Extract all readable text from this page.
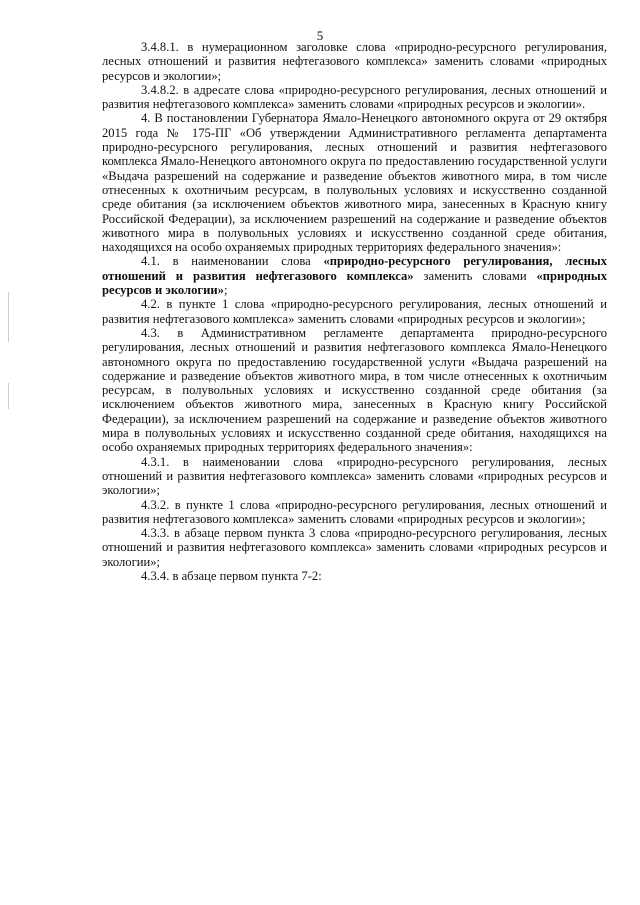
5

3.4.8.1. в нумерационном заголовке слова «природно-ресурсного регулирования, лесных отношений и развития нефтегазового комплекса» заменить словами «природных ресурсов и экологии»;

3.4.8.2. в адресате слова «природно-ресурсного регулирования, лесных отношений и развития нефтегазового комплекса» заменить словами «природных ресурсов и экологии».

4. В постановлении Губернатора Ямало-Ненецкого автономного округа от 29 октября 2015 года № 175-ПГ «Об утверждении Административного регламента департамента природно-ресурсного регулирования, лесных отношений и развития нефтегазового комплекса Ямало-Ненецкого автономного округа по предоставлению государственной услуги «Выдача разрешений на содержание и разведение объектов животного мира, в том числе отнесенных к охотничьим ресурсам, в полувольных условиях и искусственно созданной среде обитания (за исключением объектов животного мира, занесенных в Красную книгу Российской Федерации), за исключением разрешений на содержание и разведение объектов животного мира в полувольных условиях и искусственно созданной среде обитания, находящихся на особо охраняемых природных территориях федерального значения»:

4.1. в наименовании слова «природно-ресурсного регулирования, лесных отношений и развития нефтегазового комплекса» заменить словами «природных ресурсов и экологии»;

4.2. в пункте 1 слова «природно-ресурсного регулирования, лесных отношений и развития нефтегазового комплекса» заменить словами «природных ресурсов и экологии»;

4.3. в Административном регламенте департамента природно-ресурсного регулирования, лесных отношений и развития нефтегазового комплекса Ямало-Ненецкого автономного округа по предоставлению государственной услуги «Выдача разрешений на содержание и разведение объектов животного мира, в том числе отнесенных к охотничьим ресурсам, в полувольных условиях и искусственно созданной среде обитания (за исключением объектов животного мира, занесенных в Красную книгу Российской Федерации), за исключением разрешений на содержание и разведение объектов животного мира в полувольных условиях и искусственно созданной среде обитания, находящихся на особо охраняемых природных территориях федерального значения»:

4.3.1. в наименовании слова «природно-ресурсного регулирования, лесных отношений и развития нефтегазового комплекса» заменить словами «природных ресурсов и экологии»;

4.3.2. в пункте 1 слова «природно-ресурсного регулирования, лесных отношений и развития нефтегазового комплекса» заменить словами «природных ресурсов и экологии»;

4.3.3. в абзаце первом пункта 3 слова «природно-ресурсного регулирования, лесных отношений и развития нефтегазового комплекса» заменить словами «природных ресурсов и экологии»;

4.3.4. в абзаце первом пункта 7-2:
